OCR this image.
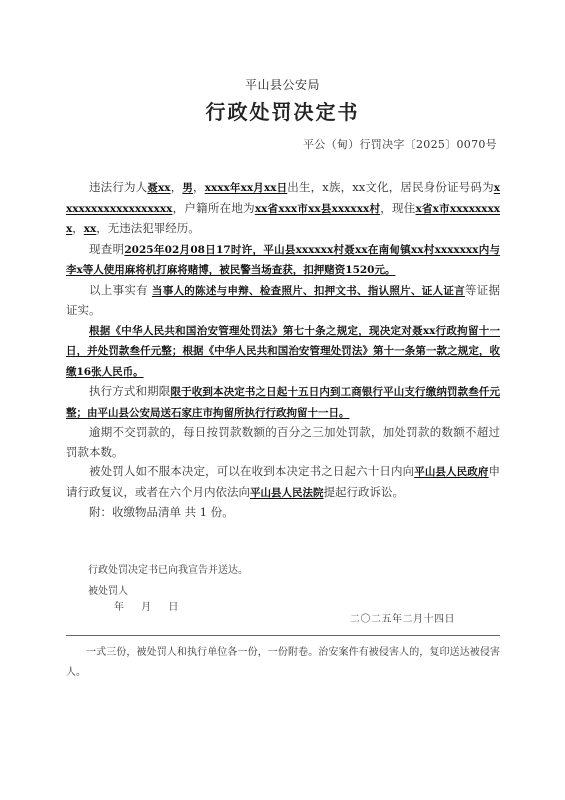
平山县公安局
行政处罚决定书
平公（甸）行罚决字〔2025〕0070号

违法行为人聂xx，男，xxxx年xx月xx日出生，x族，xx文化，居民身份证号码为xxxxxxxxxxxxxxxxxx，户籍所在地为xx省xxx市xx县xxxxxx村，现住x省x市xxxxxxxxx，xx，无违法犯罪经历。

现查明2025年02月08日17时许，平山县xxxxxx村聂xx在南甸镇xx村xxxxxxx内与李x等人使用麻将机打麻将赌博，被民警当场查获，扣押赌资1520元。

以上事实有 当事人的陈述与申辩、检查照片、扣押文书、指认照片、证人证言等证据证实。

根据《中华人民共和国治安管理处罚法》第七十条之规定，现决定对聂xx行政拘留十一日，并处罚款叁仟元整；根据《中华人民共和国治安管理处罚法》第十一条第一款之规定，收缴16张人民币。

执行方式和期限限于收到本决定书之日起十五日内到工商银行平山支行缴纳罚款叁仟元整；由平山县公安局送石家庄市拘留所执行行政拘留十一日。

逾期不交罚款的，每日按罚款数额的百分之三加处罚款，加处罚款的数额不超过罚款本数。

被处罚人如不服本决定，可以在收到本决定书之日起六十日内向平山县人民政府申请行政复议，或者在六个月内依法向平山县人民法院提起行政诉讼。

附：收缴物品清单 共 1 份。

行政处罚决定书已向我宣告并送达。
被处罚人
年 月 日
二〇二五年二月十四日
一式三份，被处罚人和执行单位各一份，一份附卷。治安案件有被侵害人的，复印送达被侵害人。
